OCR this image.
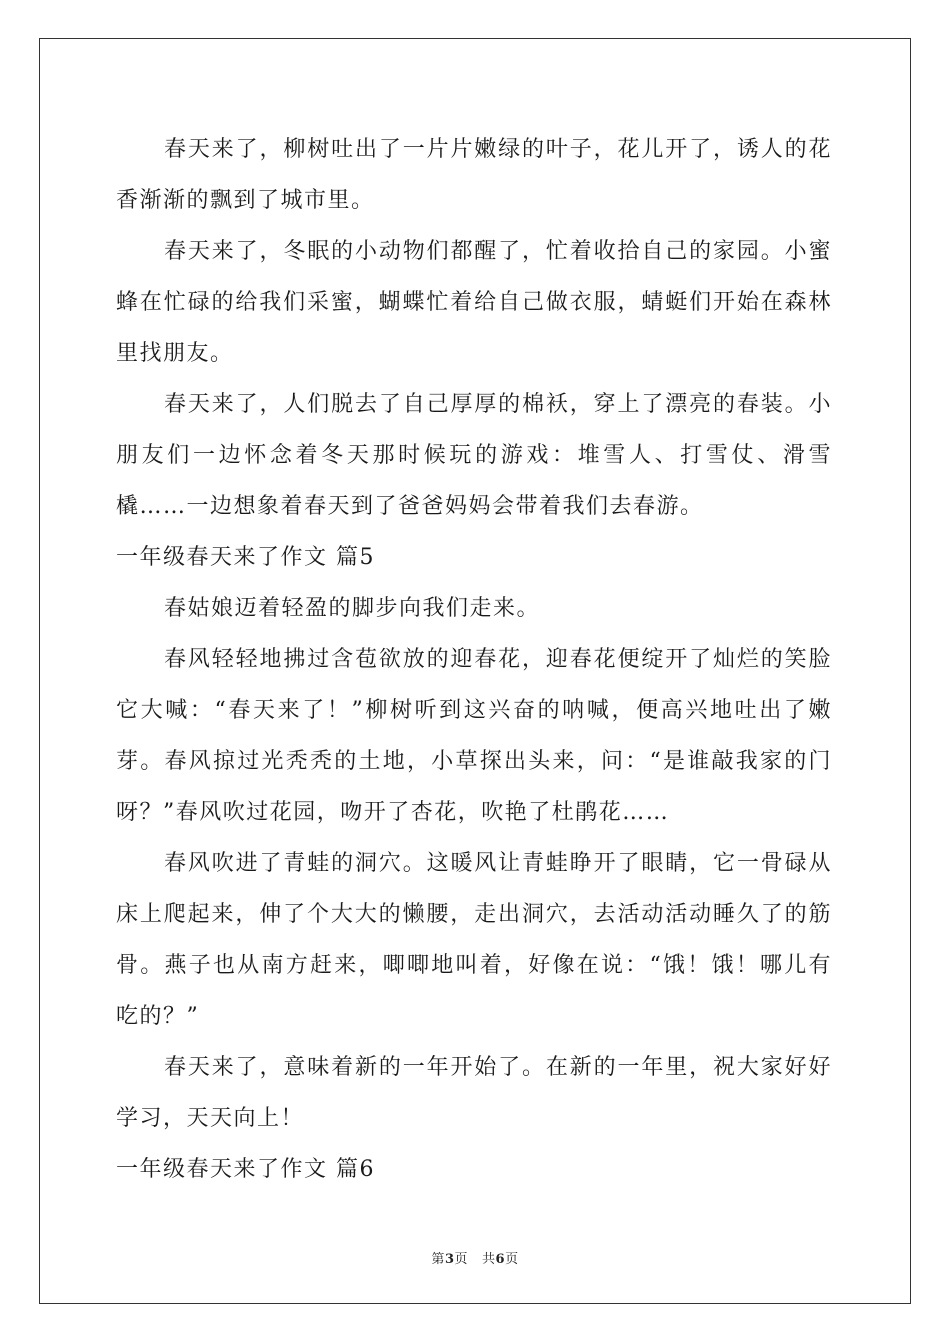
春天来了，柳树吐出了一片片嫩绿的叶子，花儿开了，诱人的花香渐渐的飘到了城市里。

春天来了，冬眠的小动物们都醒了，忙着收拾自己的家园。小蜜蜂在忙碌的给我们采蜜，蝴蝶忙着给自己做衣服，蜻蜓们开始在森林里找朋友。

春天来了，人们脱去了自己厚厚的棉袄，穿上了漂亮的春装。小朋友们一边怀念着冬天那时候玩的游戏：堆雪人、打雪仗、滑雪橇……一边想象着春天到了爸爸妈妈会带着我们去春游。

一年级春天来了作文 篇5

春姑娘迈着轻盈的脚步向我们走来。

春风轻轻地拂过含苞欲放的迎春花，迎春花便绽开了灿烂的笑脸它大喊：“春天来了！”柳树听到这兴奋的呐喊，便高兴地吐出了嫩芽。春风掠过光秃秃的土地，小草探出头来，问：“是谁敲我家的门呀？”春风吹过花园，吻开了杏花，吹艳了杜鹃花……

春风吹进了青蛙的洞穴。这暖风让青蛙睁开了眼睛，它一骨碌从床上爬起来，伸了个大大的懒腰，走出洞穴，去活动活动睡久了的筋骨。燕子也从南方赶来，唧唧地叫着，好像在说：“饿！饿！哪儿有吃的？”

春天来了，意味着新的一年开始了。在新的一年里，祝大家好好学习，天天向上！

一年级春天来了作文 篇6

第3页 共6页
